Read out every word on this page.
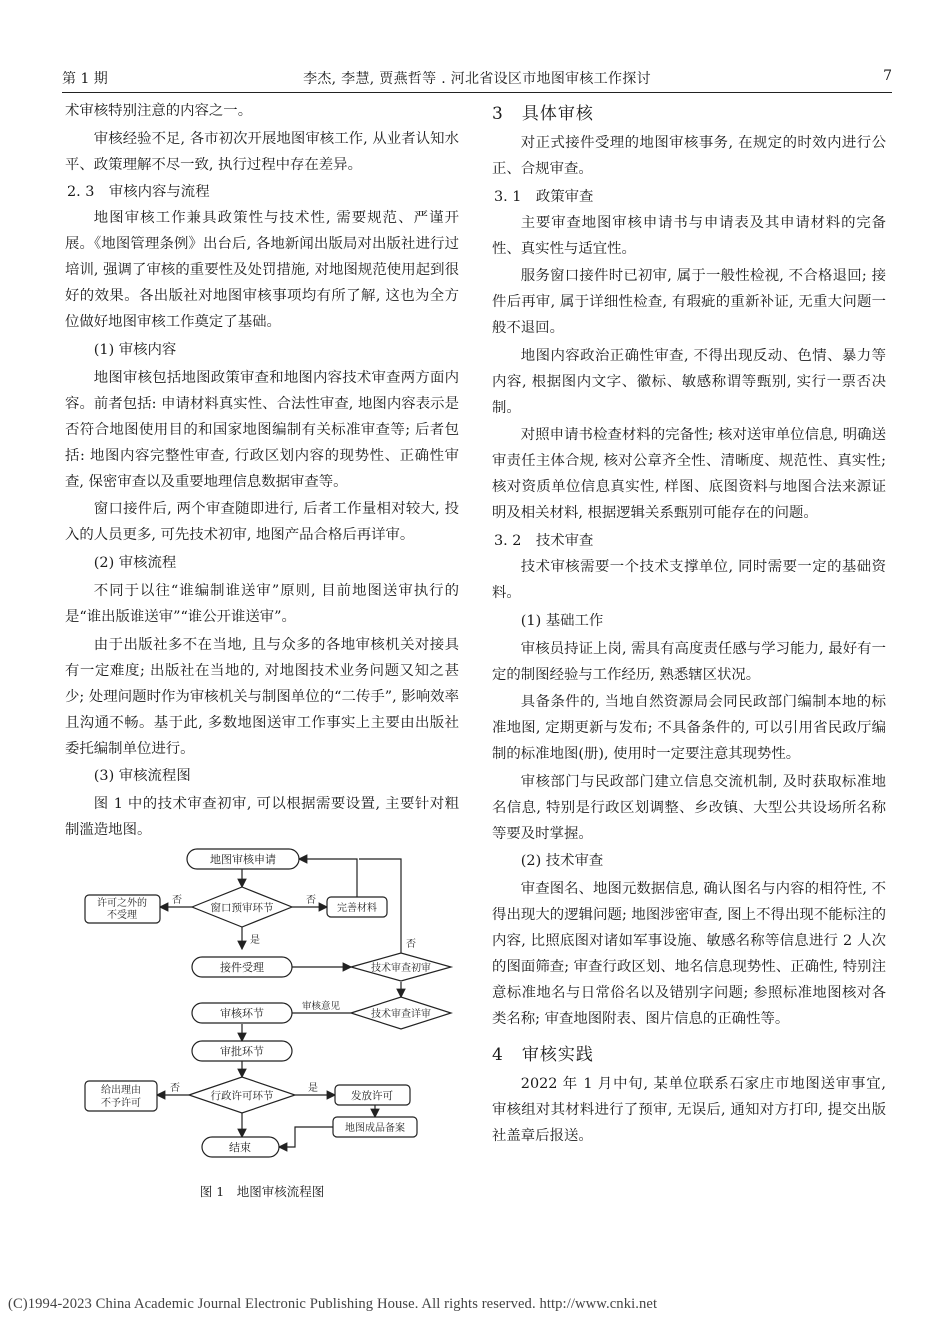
第 1 期	李杰, 李慧, 贾燕哲等 . 河北省设区市地图审核工作探讨	7

术审核特别注意的内容之一。

审核经验不足, 各市初次开展地图审核工作, 从业者认知水平、政策理解不尽一致, 执行过程中存在差异。

2. 3　审核内容与流程

地图审核工作兼具政策性与技术性, 需要规范、严谨开展。《地图管理条例》出台后, 各地新闻出版局对出版社进行过培训, 强调了审核的重要性及处罚措施, 对地图规范使用起到很好的效果。各出版社对地图审核事项均有所了解, 这也为全方位做好地图审核工作奠定了基础。

(1) 审核内容

地图审核包括地图政策审查和地图内容技术审查两方面内容。前者包括: 申请材料真实性、合法性审查, 地图内容表示是否符合地图使用目的和国家地图编制有关标准审查等; 后者包括: 地图内容完整性审查, 行政区划内容的现势性、正确性审查, 保密审查以及重要地理信息数据审查等。

窗口接件后, 两个审查随即进行, 后者工作量相对较大, 投入的人员更多, 可先技术初审, 地图产品合格后再详审。

(2) 审核流程

不同于以往“谁编制谁送审”原则, 目前地图送审执行的是“谁出版谁送审”“谁公开谁送审”。

由于出版社多不在当地, 且与众多的各地审核机关对接具有一定难度; 出版社在当地的, 对地图技术业务问题又知之甚少; 处理问题时作为审核机关与制图单位的“二传手”, 影响效率且沟通不畅。基于此, 多数地图送审工作事实上主要由出版社委托编制单位进行。

(3) 审核流程图

图 1 中的技术审查初审, 可以根据需要设置, 主要针对粗制滥造地图。

地图审核申请
许可之外的
不受理
窗口预审环节	完善材料
接件受理	技术审查初审
审核环节	技术审查详审
审批环节
给出理由
不予许可
行政许可环节	发放许可
地图成品备案
结束
否	否
是	否
审核意见
否	是
图 1　地图审核流程图
3　具体审核

对正式接件受理的地图审核事务, 在规定的时效内进行公正、合规审查。

3. 1　政策审查

主要审查地图审核申请书与申请表及其申请材料的完备性、真实性与适宜性。

服务窗口接件时已初审, 属于一般性检视, 不合格退回; 接件后再审, 属于详细性检查, 有瑕疵的重新补证, 无重大问题一般不退回。

地图内容政治正确性审查, 不得出现反动、色情、暴力等内容, 根据图内文字、徽标、敏感称谓等甄别, 实行一票否决制。

对照申请书检查材料的完备性; 核对送审单位信息, 明确送审责任主体合规, 核对公章齐全性、清晰度、规范性、真实性; 核对资质单位信息真实性, 样图、底图资料与地图合法来源证明及相关材料, 根据逻辑关系甄别可能存在的问题。

3. 2　技术审查

技术审核需要一个技术支撑单位, 同时需要一定的基础资料。

(1) 基础工作

审核员持证上岗, 需具有高度责任感与学习能力, 最好有一定的制图经验与工作经历, 熟悉辖区状况。

具备条件的, 当地自然资源局会同民政部门编制本地的标准地图, 定期更新与发布; 不具备条件的, 可以引用省民政厅编制的标准地图(册), 使用时一定要注意其现势性。

审核部门与民政部门建立信息交流机制, 及时获取标准地名信息, 特别是行政区划调整、乡改镇、大型公共设场所名称等要及时掌握。

(2) 技术审查

审查图名、地图元数据信息, 确认图名与内容的相符性, 不得出现大的逻辑问题; 地图涉密审查, 图上不得出现不能标注的内容, 比照底图对诸如军事设施、敏感名称等信息进行 2 人次的图面筛查; 审查行政区划、地名信息现势性、正确性, 特别注意标准地名与日常俗名以及错别字问题; 参照标准地图核对各类名称; 审查地图附表、图片信息的正确性等。

4　审核实践

2022 年 1 月中旬, 某单位联系石家庄市地图送审事宜, 审核组对其材料进行了预审, 无误后, 通知对方打印, 提交出版社盖章后报送。

(C)1994-2023 China Academic Journal Electronic Publishing House. All rights reserved. http://www.cnki.net
